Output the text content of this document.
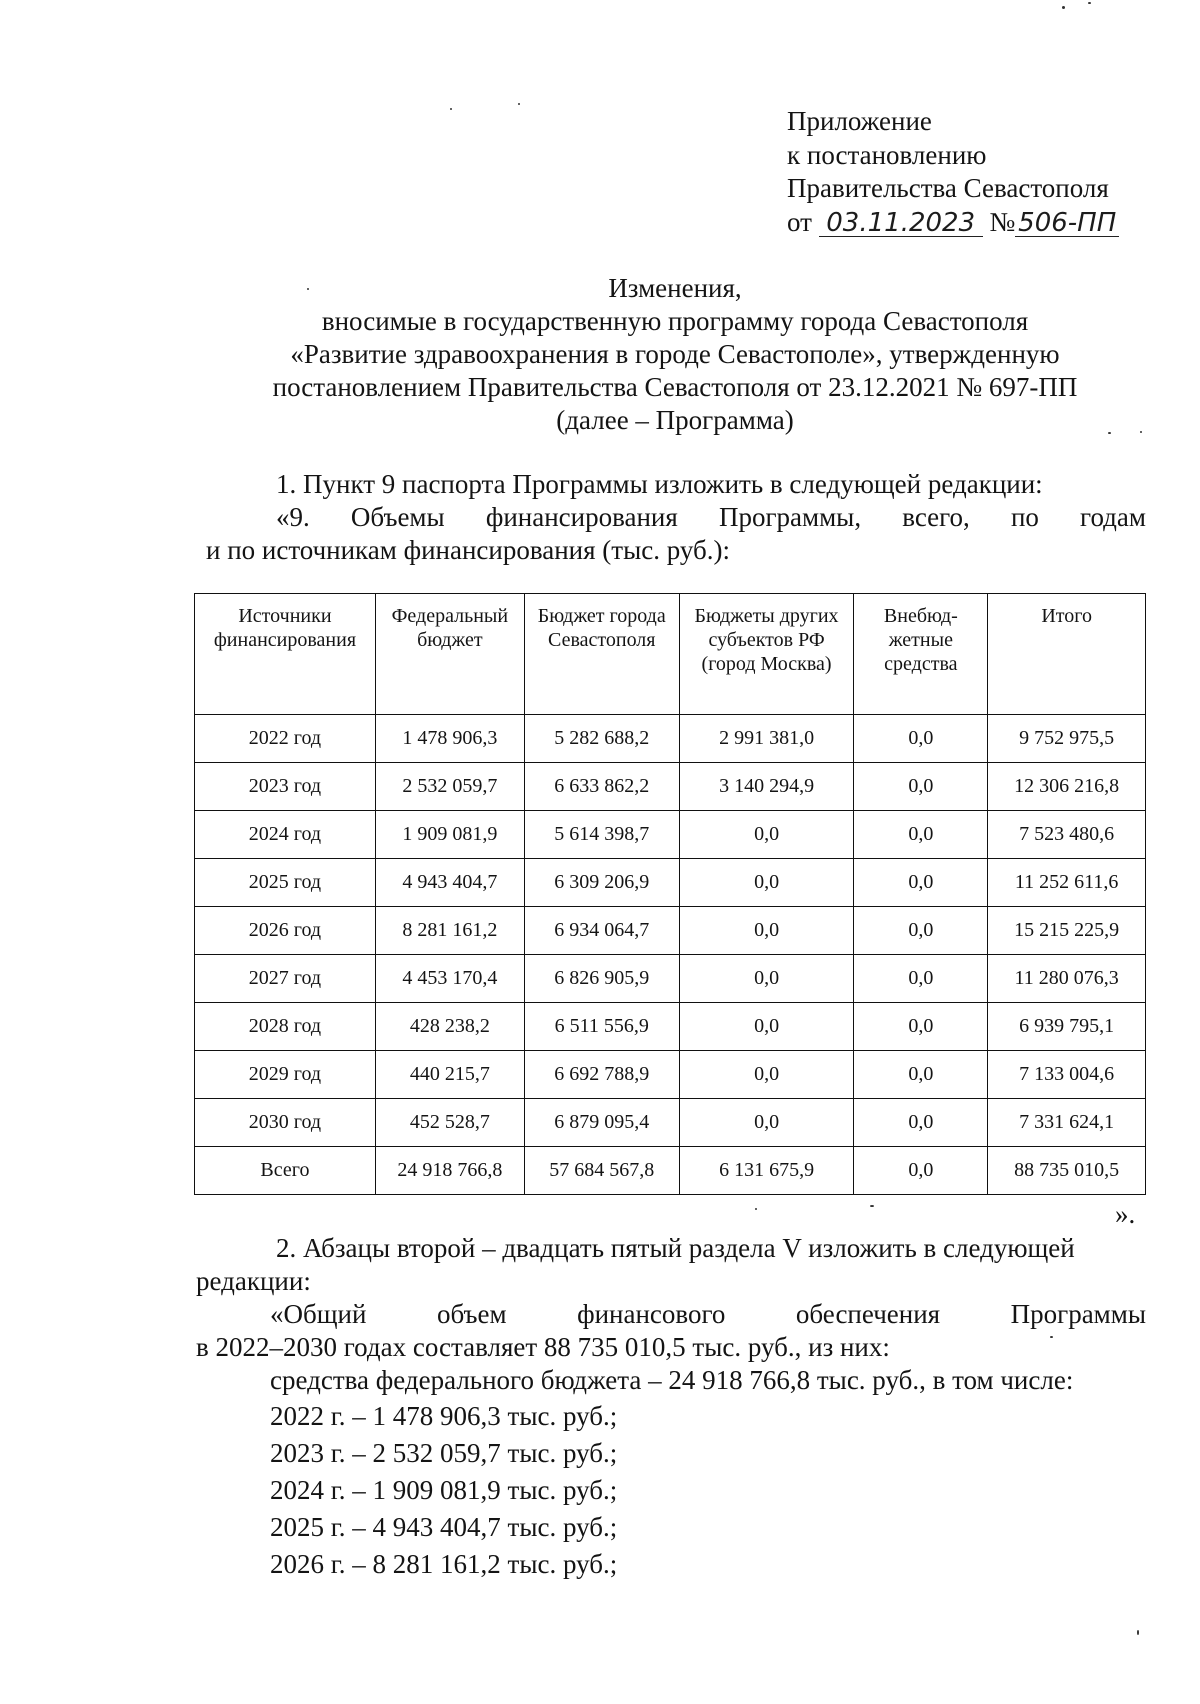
Приложение
к постановлению
Правительства Севастополя
от 03.11.2023 № 506-ПП
Изменения,
вносимые в государственную программу города Севастополя
«Развитие здравоохранения в городе Севастополе», утвержденную
постановлением Правительства Севастополя от 23.12.2021 № 697-ПП
(далее – Программа)
1. Пункт 9 паспорта Программы изложить в следующей редакции:
«9. Объемы финансирования Программы, всего, по годам
и по источникам финансирования (тыс. руб.):
Источники финансирования	Федеральный бюджет	Бюджет города Севастополя	Бюджеты других субъектов РФ (город Москва)	Внебюд-жетные средства	Итого
2022 год	1 478 906,3	5 282 688,2	2 991 381,0	0,0	9 752 975,5
2023 год	2 532 059,7	6 633 862,2	3 140 294,9	0,0	12 306 216,8
2024 год	1 909 081,9	5 614 398,7	0,0	0,0	7 523 480,6
2025 год	4 943 404,7	6 309 206,9	0,0	0,0	11 252 611,6
2026 год	8 281 161,2	6 934 064,7	0,0	0,0	15 215 225,9
2027 год	4 453 170,4	6 826 905,9	0,0	0,0	11 280 076,3
2028 год	428 238,2	6 511 556,9	0,0	0,0	6 939 795,1
2029 год	440 215,7	6 692 788,9	0,0	0,0	7 133 004,6
2030 год	452 528,7	6 879 095,4	0,0	0,0	7 331 624,1
Всего	24 918 766,8	57 684 567,8	6 131 675,9	0,0	88 735 010,5
».
2. Абзацы второй – двадцать пятый раздела V изложить в следующей
редакции:
«Общий объем финансового обеспечения Программы
в 2022–2030 годах составляет 88 735 010,5 тыс. руб., из них:
средства федерального бюджета – 24 918 766,8 тыс. руб., в том числе:
2022 г. – 1 478 906,3 тыс. руб.;
2023 г. – 2 532 059,7 тыс. руб.;
2024 г. – 1 909 081,9 тыс. руб.;
2025 г. – 4 943 404,7 тыс. руб.;
2026 г. – 8 281 161,2 тыс. руб.;
